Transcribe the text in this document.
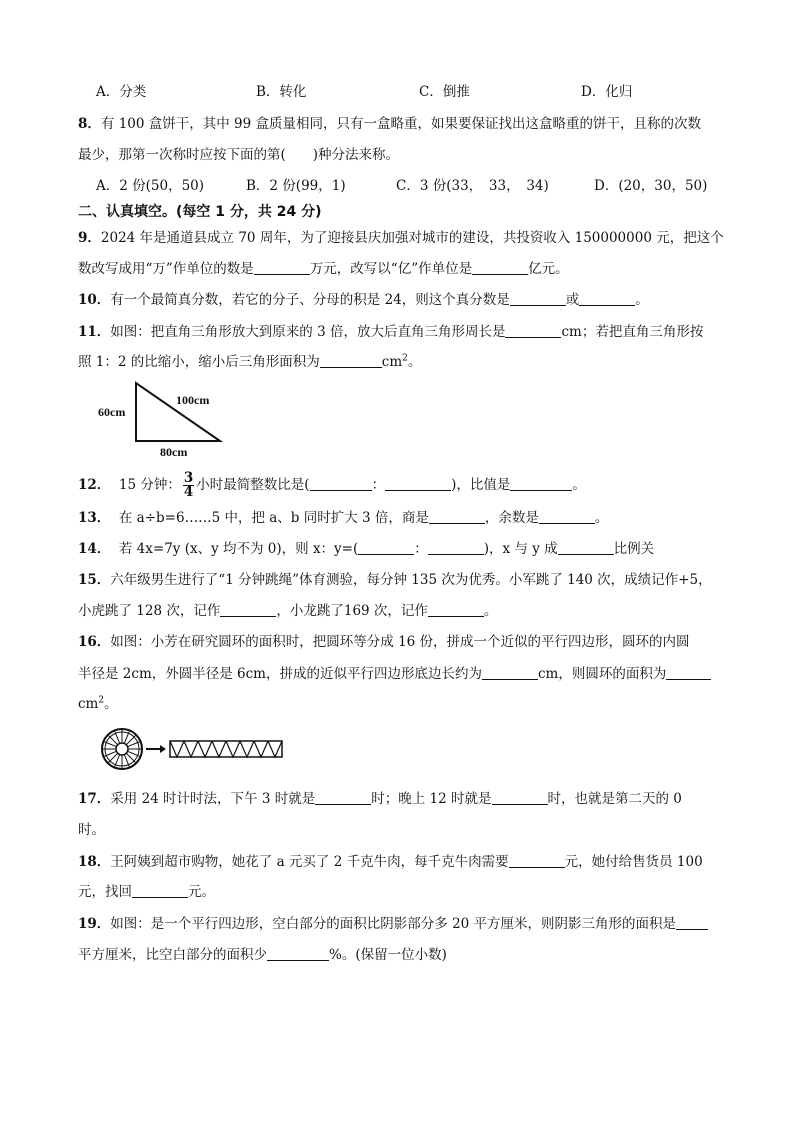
A．分类	B．转化	C．倒推	D．化归
8．有 100 盒饼干，其中 99 盒质量相同，只有一盒略重，如果要保证找出这盒略重的饼干，且称的次数
最少，那第一次称时应按下面的第(　　)种分法来称。
A．2 份(50，50)	B．2 份(99，1)	C．3 份(33，　33，　34)	D．(20，30，50)
二、认真填空。(每空 1 分，共 24 分)
9．2024 年是通道县成立 70 周年，为了迎接县庆加强对城市的建设，共投资收入 150000000 元，把这个
数改写成用“万”作单位的数是	万元，改写以“亿”作单位是	亿元。
10．有一个最简真分数，若它的分子、分母的积是 24，则这个真分数是	或	。
11．如图：把直角三角形放大到原来的 3 倍，放大后直角三角形周长是	cm；若把直角三角形按
照 1：2 的比缩小，缩小后三角形面积为	$cm^2$。
100cm
60cm
80cm
12． 15 分钟： $\frac{3}{4}$ 小时最简整数比是(	：	)，比值是	。
13． 在 a÷b=6……5 中，把 a、b 同时扩大 3 倍，商是	，余数是	。
14． 若 4x=7y (x、y 均不为 0)，则 x：y=(	：	)，x 与 y 成	比例关
15．六年级男生进行了“1 分钟跳绳”体育测验，每分钟 135 次为优秀。小军跳了 140 次，成绩记作+5，
小虎跳了 128 次，记作	，小龙跳了169 次，记作	。
16．如图：小芳在研究圆环的面积时，把圆环等分成 16 份，拼成一个近似的平行四边形，圆环的内圆
半径是 2cm，外圆半径是 6cm，拼成的近似平行四边形底边长约为	cm，则圆环的面积为
$cm^2$。
17．采用 24 时计时法，下午 3 时就是	时；晚上 12 时就是	时，也就是第二天的 0
时。
18．王阿姨到超市购物，她花了 a 元买了 2 千克牛肉，每千克牛肉需要	元，她付给售货员 100
元，找回	元。
19．如图：是一个平行四边形，空白部分的面积比阴影部分多 20 平方厘米，则阴影三角形的面积是
平方厘米，比空白部分的面积少	%。(保留一位小数)
